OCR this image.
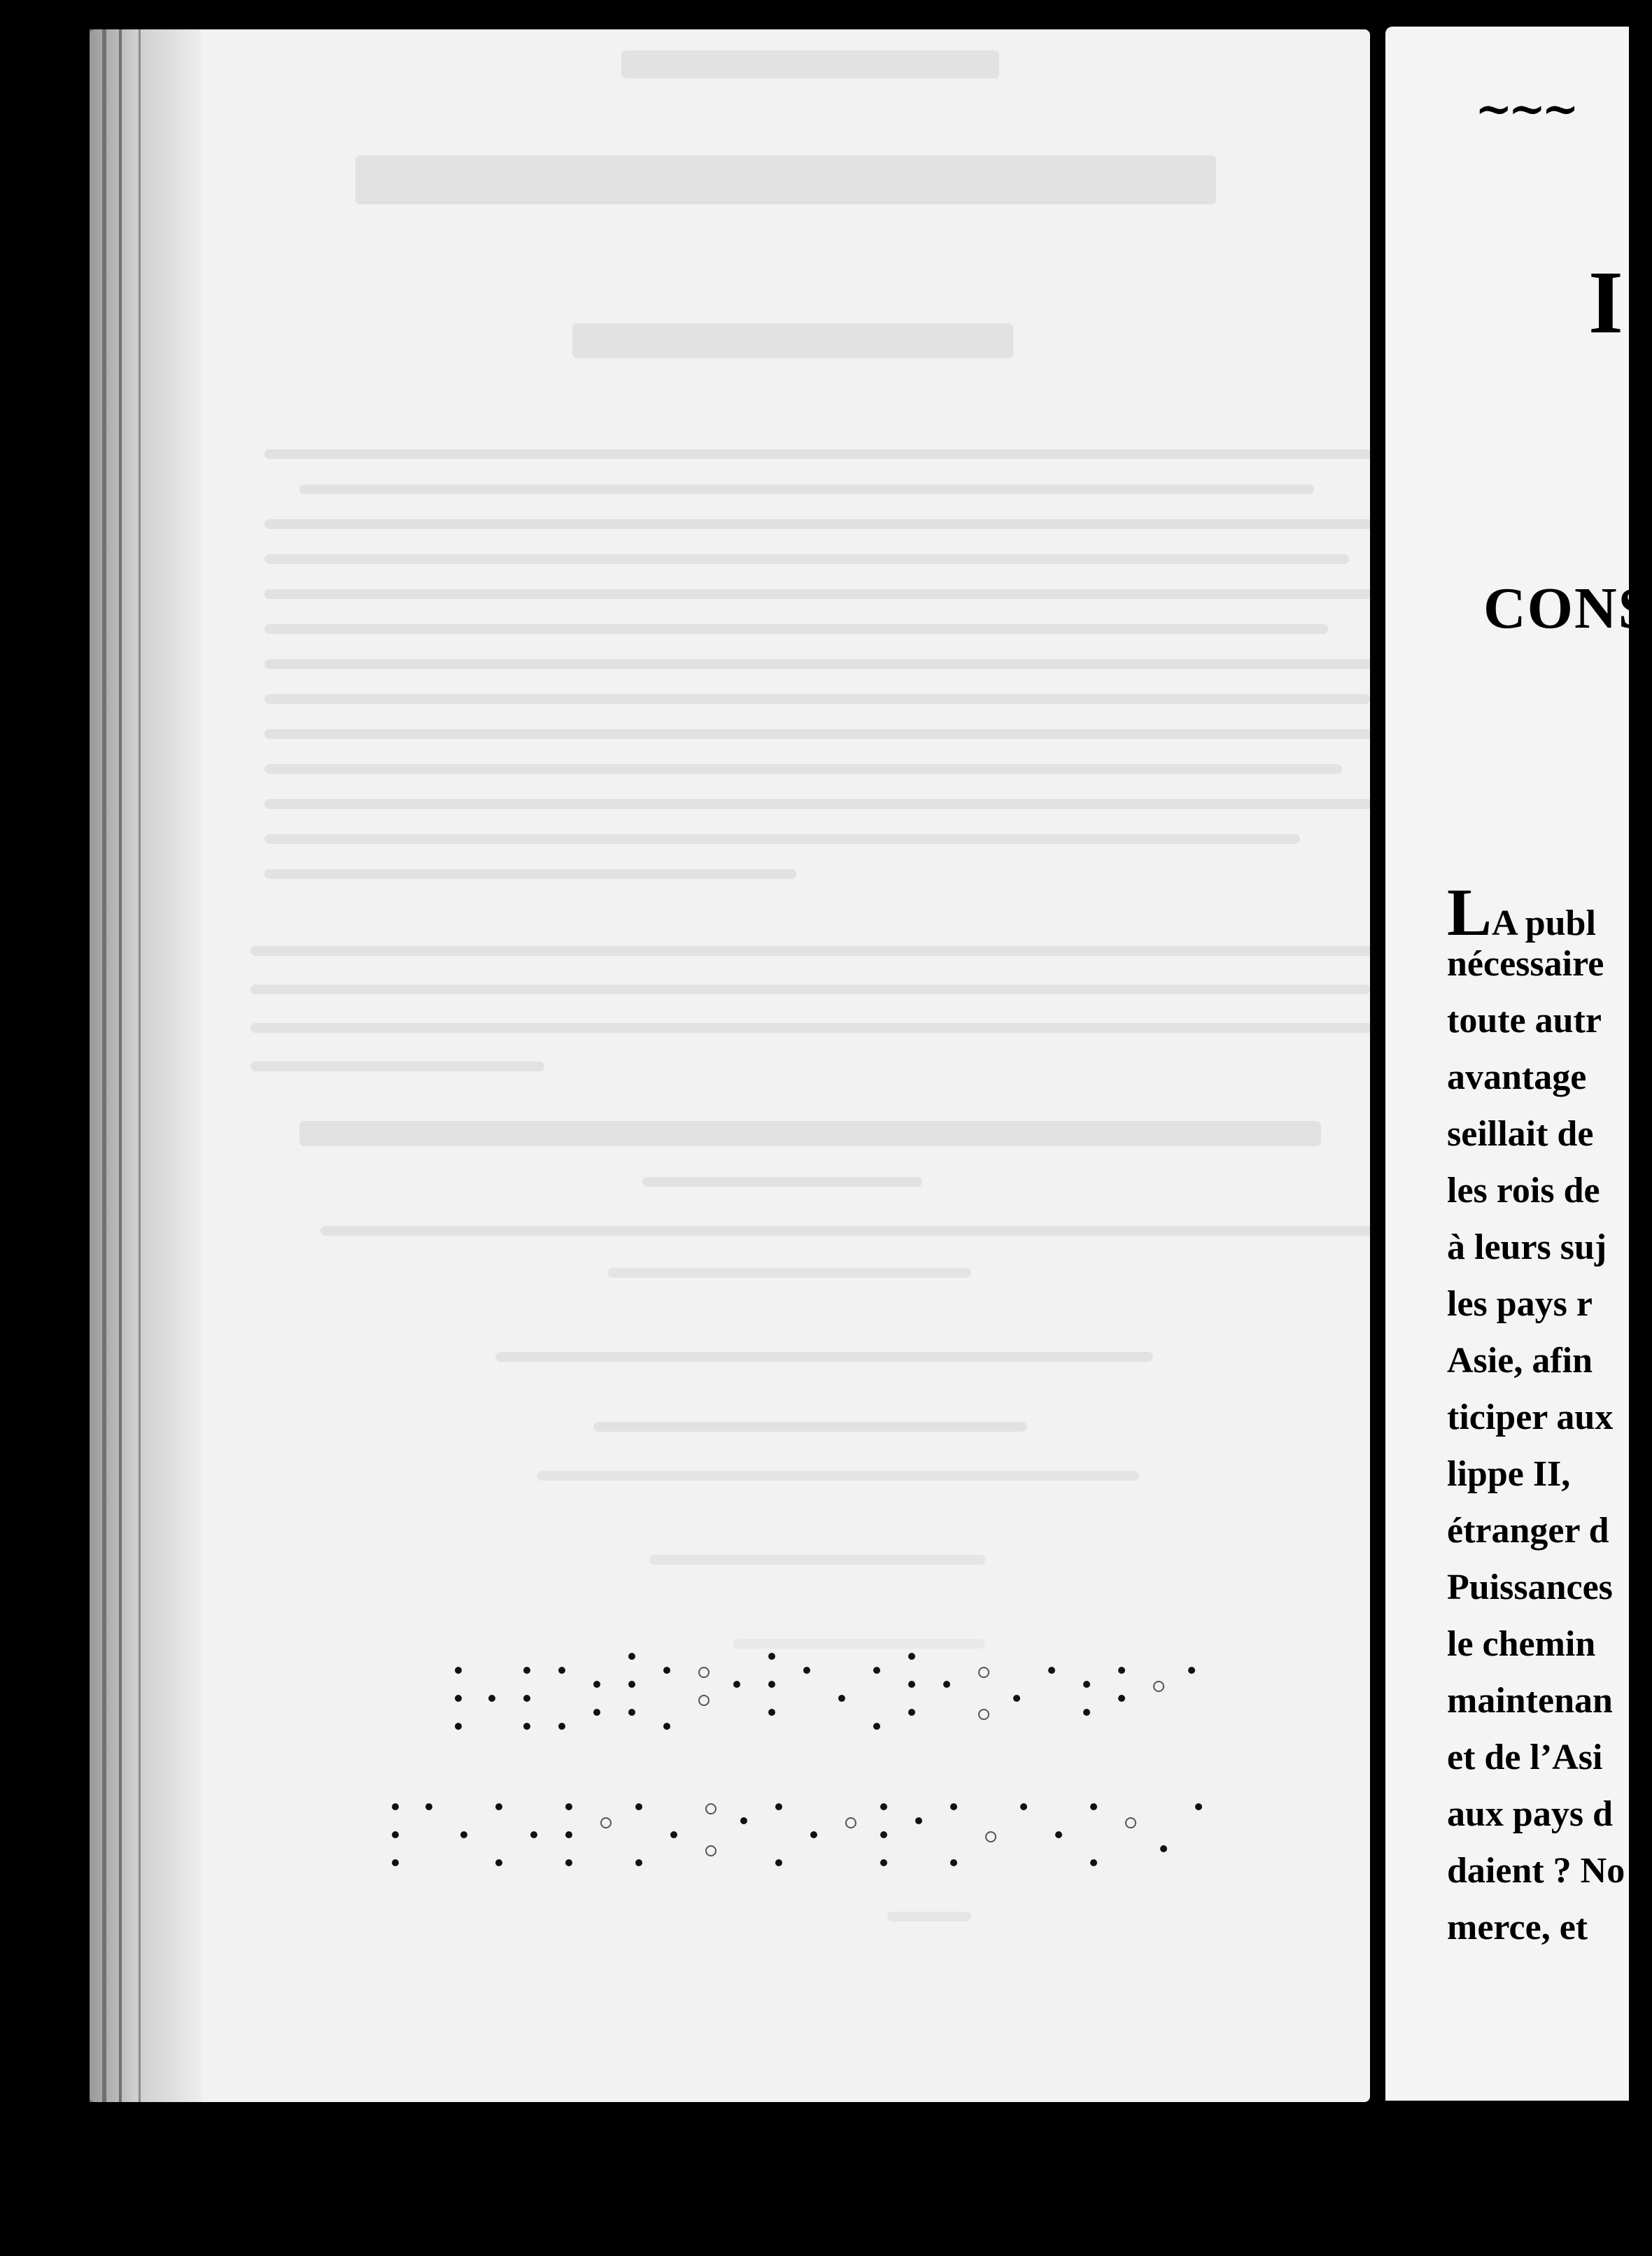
~~~
I
CONS
LA publ
nécessaire
toute autr
avantage
seillait de
les rois de
à leurs suj
les pays r
Asie, afin
ticiper aux
lippe II,
étranger d
Puissances
le chemin
maintenan
et de l’Asi
aux pays d
daient ? No
merce, et
